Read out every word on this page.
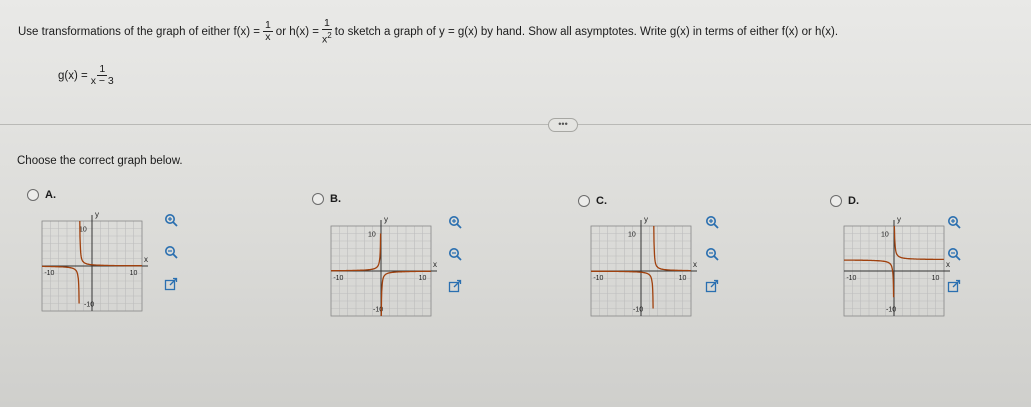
Use transformations of the graph of either
$f(x) = \frac{1}{x}$ or
$h(x) = \frac{1}{x^2}$ to sketch a graph of
y = g(x)
by hand. Show all asymptotes. Write
g(x)
in terms of either
f(x)
or
h(x).
$g(x) = \frac{1}{x - 3}$
•••
Choose the correct graph below.
A.	B.	C.	D.
x
y
10
-10
-10	10
x
y
10
-10
-10	10
x
y
10
-10
-10	10
x
y
10
-10
-10	10
